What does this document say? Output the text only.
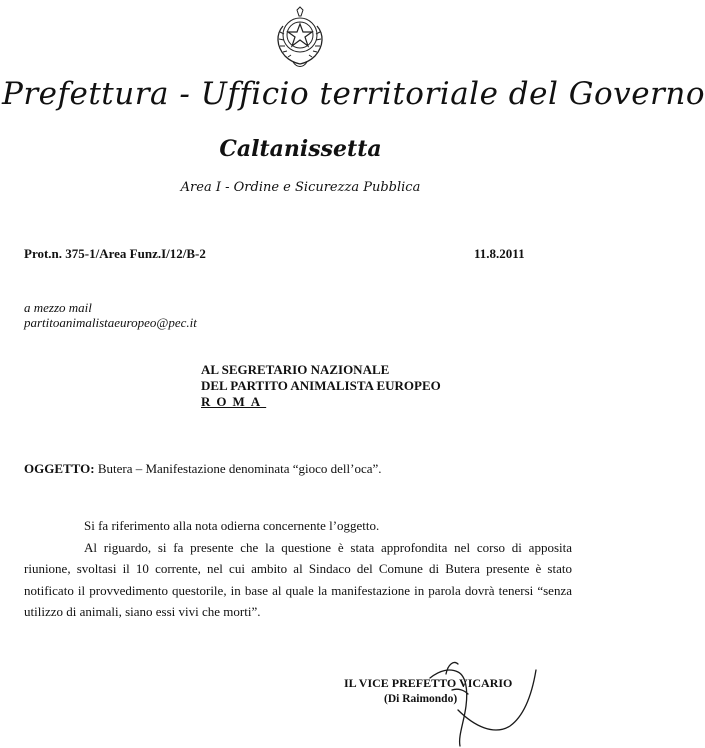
Prefettura - Ufficio territoriale del Governo
Caltanissetta
Area I - Ordine e Sicurezza Pubblica
Prot.n. 375-1/Area Funz.I/12/B-2	11.8.2011
a mezzo mail
partitoanimalistaeuropeo@pec.it
AL SEGRETARIO NAZIONALE
DEL PARTITO ANIMALISTA EUROPEO
ROMA
OGGETTO: Butera – Manifestazione denominata “gioco dell’oca”.

Si fa riferimento alla nota odierna concernente l’oggetto.

Al riguardo, si fa presente che la questione è stata approfondita nel corso di apposita riunione, svoltasi il 10 corrente, nel cui ambito al Sindaco del Comune di Butera presente è stato notificato il provvedimento questorile, in base al quale la manifestazione in parola dovrà tenersi “senza utilizzo di animali, siano essi vivi che morti”.

IL VICE PREFETTO VICARIO
(Di Raimondo)
